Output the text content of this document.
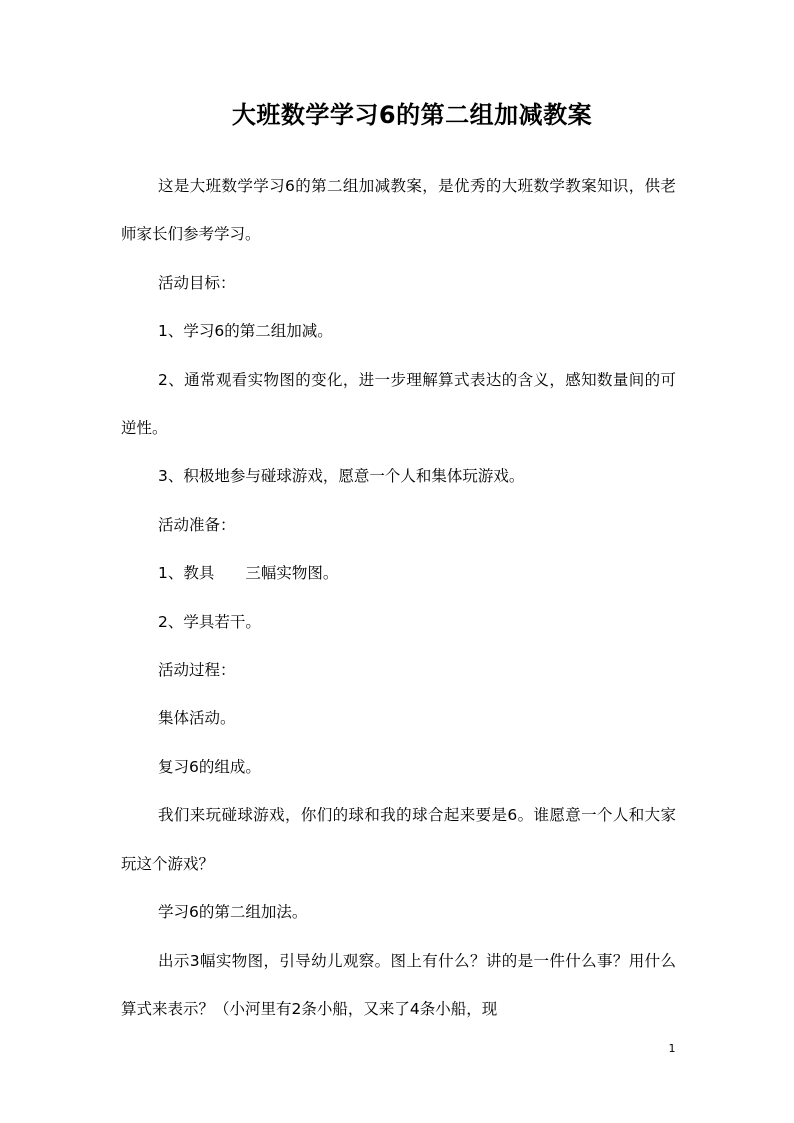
大班数学学习6的第二组加减教案

这是大班数学学习6的第二组加减教案，是优秀的大班数学教案知识，供老师家长们参考学习。

活动目标：

1、学习6的第二组加减。

2、通常观看实物图的变化，进一步理解算式表达的含义，感知数量间的可逆性。

3、积极地参与碰球游戏，愿意一个人和集体玩游戏。

活动准备：

1、教具　　三幅实物图。

2、学具若干。

活动过程：

集体活动。

复习6的组成。

我们来玩碰球游戏，你们的球和我的球合起来要是6。谁愿意一个人和大家玩这个游戏？

学习6的第二组加法。

出示3幅实物图，引导幼儿观察。图上有什么？讲的是一件什么事？用什么算式来表示？（小河里有2条小船，又来了4条小船，现

1
